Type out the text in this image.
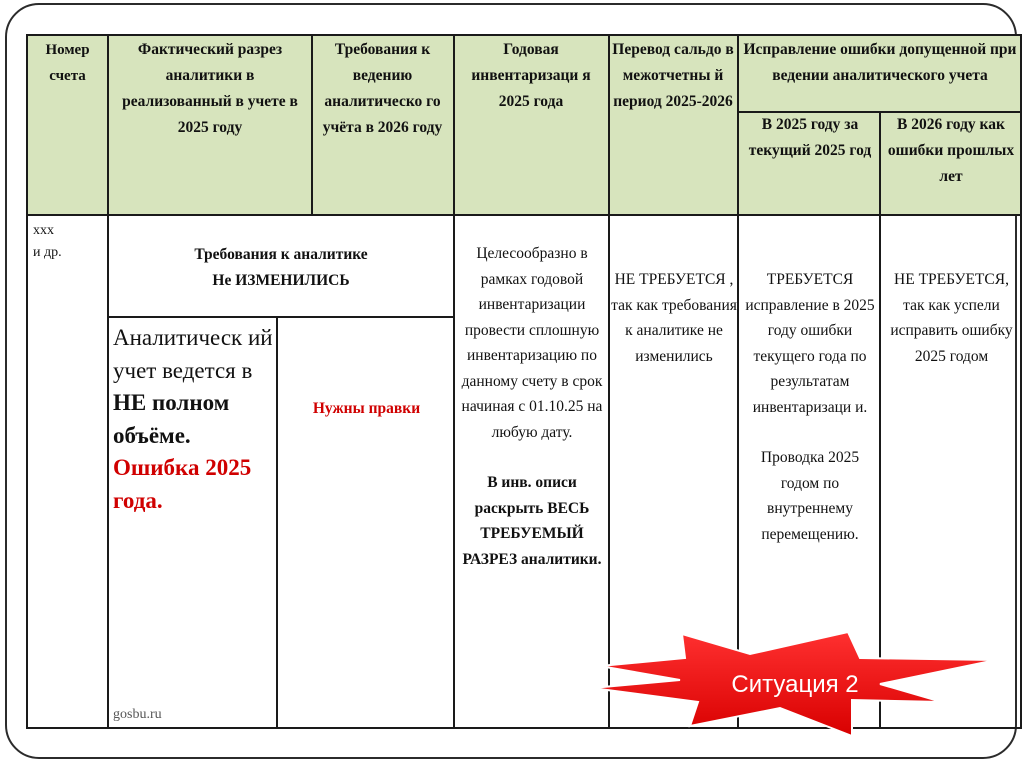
Номер счета
Фактический разрез аналитики в реализованный в учете в 2025 году
Требования к ведению аналитическо го учёта в 2026 году
Годовая инвентаризаци я 2025 года
Перевод сальдо в межотчетны й период 2025-2026
Исправление ошибки допущенной при ведении аналитического учета
В 2025 году за текущий 2025 год
В 2026 году как ошибки прошлых лет
ххх
и др.	Требования к аналитике
Не ИЗМЕНИЛИСЬ
Аналитическ ий учет ведется в НЕ полном объёме. Ошибка 2025 года.
Нужны правки
Целесообразно в рамках годовой инвентаризации провести сплошную инвентаризацию по данному счету в срок начиная с 01.10.25 на любую дату.
В инв. описи раскрыть ВЕСЬ ТРЕБУЕМЫЙ РАЗРЕЗ аналитики.
НЕ ТРЕБУЕТСЯ , так как требования к аналитике не изменились
ТРЕБУЕТСЯ исправление в 2025 году ошибки текущего года по результатам инвентаризаци и.
Проводка 2025 годом по внутреннему перемещению.
НЕ ТРЕБУЕТСЯ, так как успели исправить ошибку 2025 годом
gosbu.ru
Ситуация 2
